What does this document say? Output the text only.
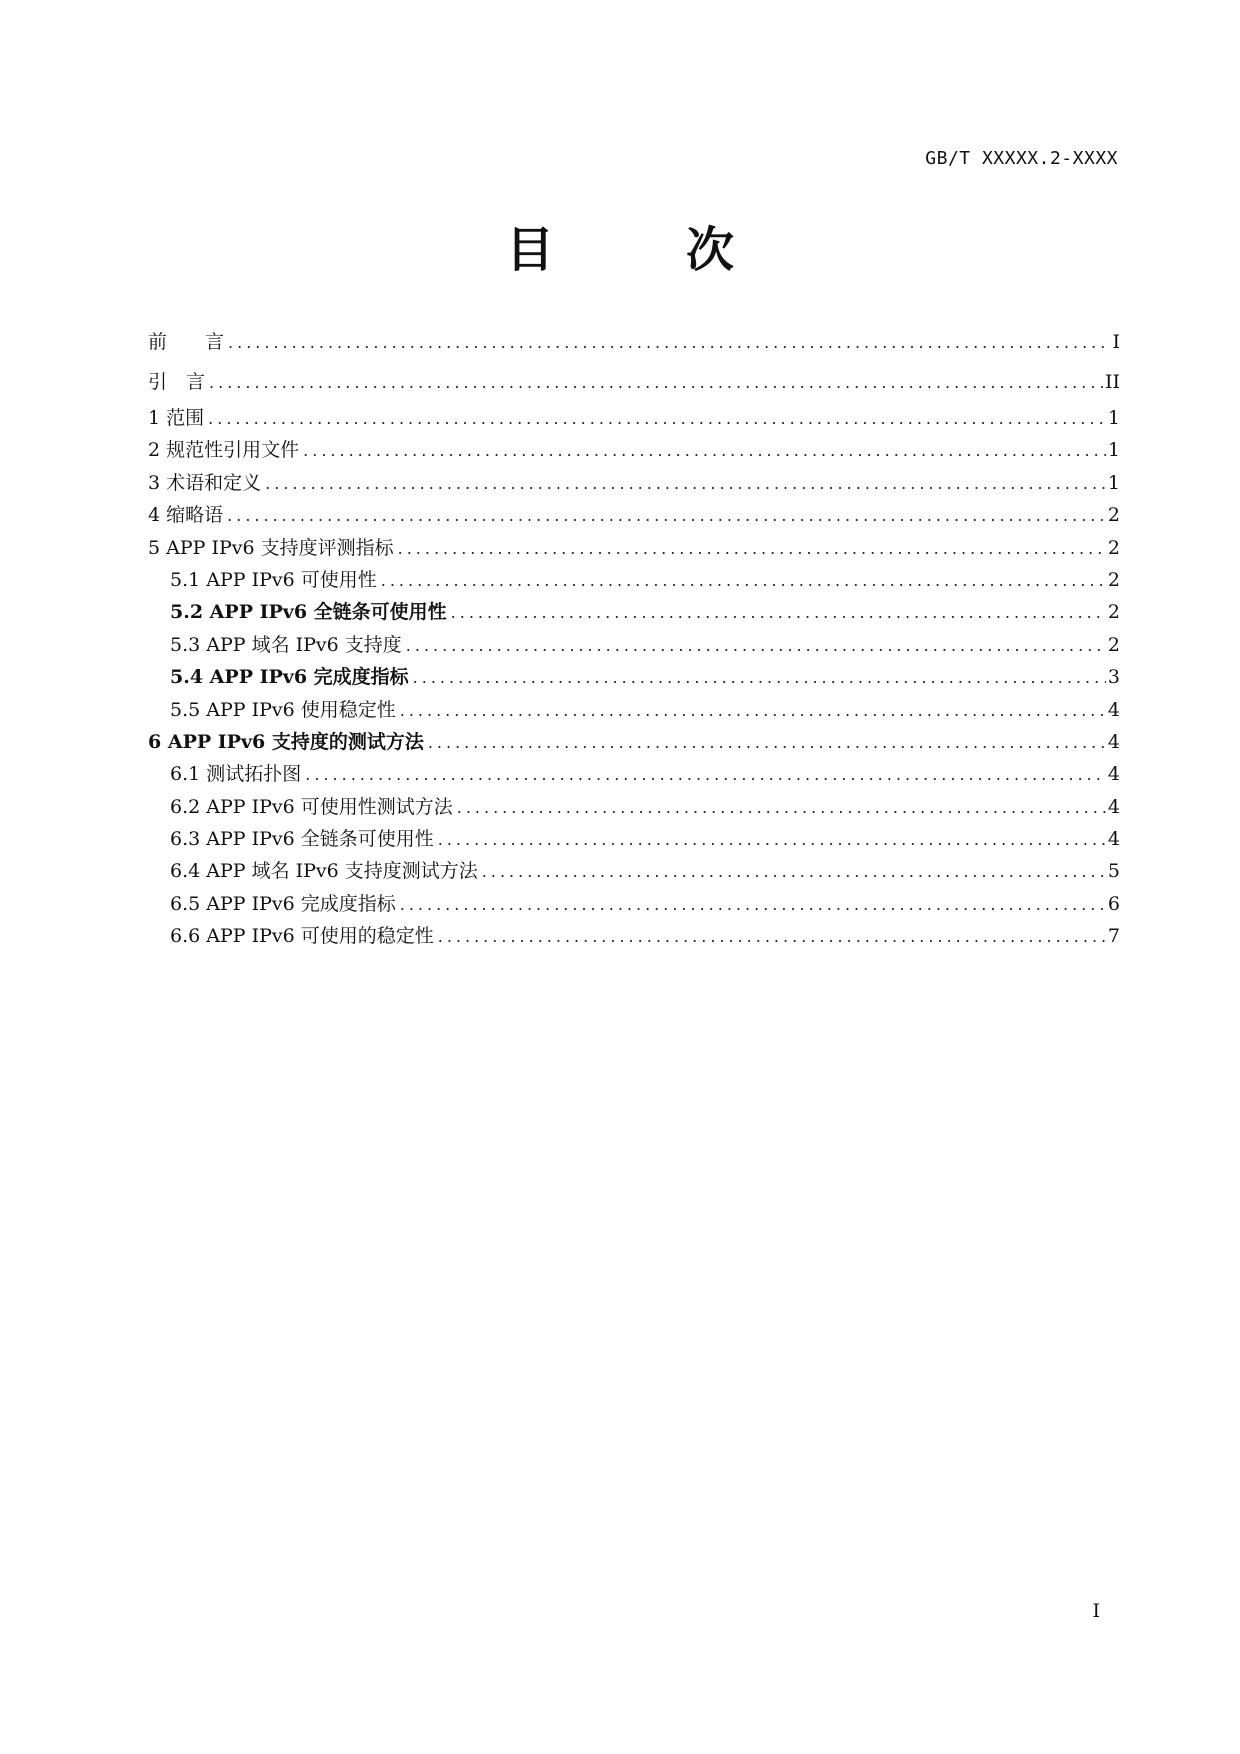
GB/T XXXXX.2-XXXX
目　次
前　　言 .....	I
引　言 .....	II
1 范围 .....	1
2 规范性引用文件 .....	1
3 术语和定义 .....	1
4 缩略语 .....	2
5 APP IPv6 支持度评测指标 .....	2
5.1 APP IPv6 可使用性 .....	2
5.2 APP IPv6 全链条可使用性 .....	2
5.3 APP 域名 IPv6 支持度 .....	2
5.4 APP IPv6 完成度指标 .....	3
5.5 APP IPv6 使用稳定性 .....	4
6 APP IPv6 支持度的测试方法 .....	4
6.1 测试拓扑图 .....	4
6.2 APP IPv6 可使用性测试方法 .....	4
6.3 APP IPv6 全链条可使用性 .....	4
6.4 APP 域名 IPv6 支持度测试方法 .....	5
6.5 APP IPv6 完成度指标 .....	6
6.6 APP IPv6 可使用的稳定性 .....	7
I
